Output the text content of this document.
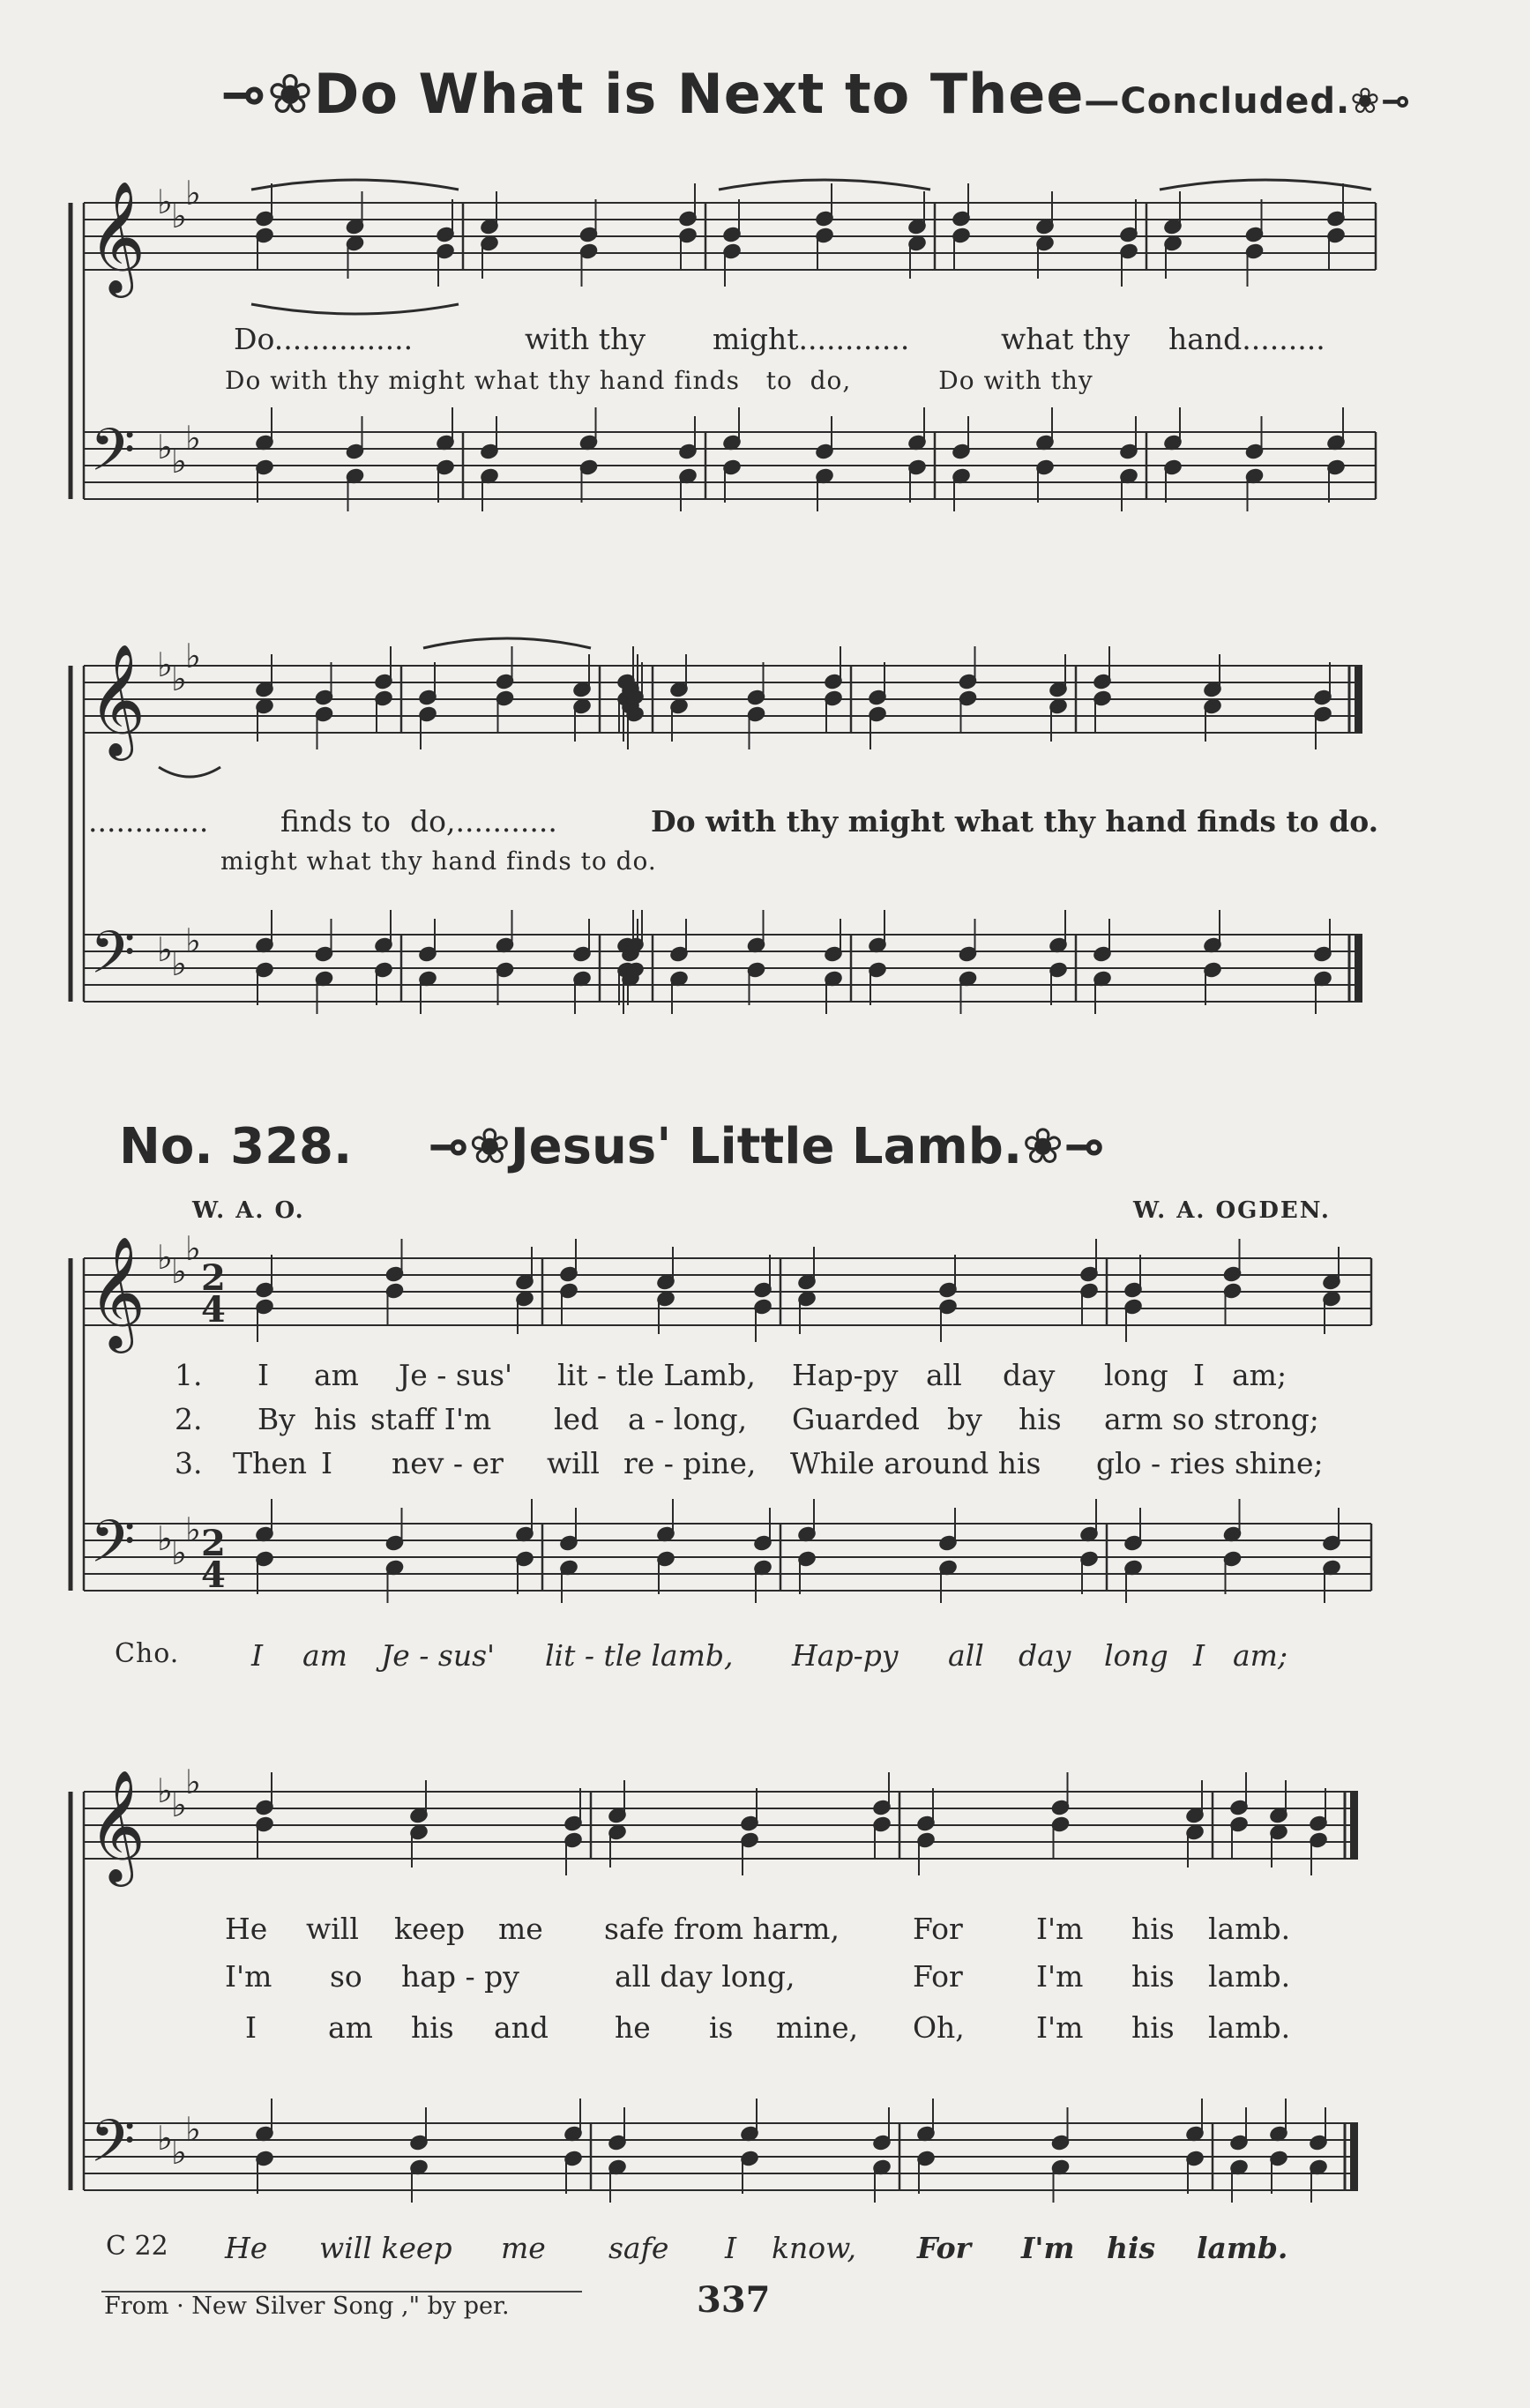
⊸❀Do What is Next to Thee—Concluded.❀⊸
Do...............	with thy might............	what thy hand.........
Do with thy might what thy hand finds   to  do,          Do with thy
............. finds to do,...........	Do with thy might what thy hand finds to do.
might what thy hand finds to do.
No. 328. ⊸❀Jesus' Little Lamb.❀⊸
W. A. O.	W. A. OGDEN.
1. I am Je - sus' lit - tle Lamb, Hap-py all day long I am;
2. By his staff I'm led a - long, Guarded by his arm so strong;
3. Then I nev - er will re - pine, While around his glo - ries shine;
Cho. I am Je - sus' lit - tle lamb, Hap-py all day long I am;
He will keep me safe from harm,	For	I'm his lamb.
I'm so hap - py	all day long,	For	I'm his lamb.
I am his and he is mine, Oh, I'm his lamb.
C 22 He will keep me safe I know, For I'm his lamb.
From · New Silver Song ," by per.	337
𝄞
𝄢
♭
♭
♭
♭
♭
♭
𝄞
𝄢
♭
♭
♭
♭
♭
♭
𝄞
𝄢
♭
♭
♭
♭
♭
♭
2
4
2
4
𝄞
𝄢
♭
♭
♭
♭
♭
♭
